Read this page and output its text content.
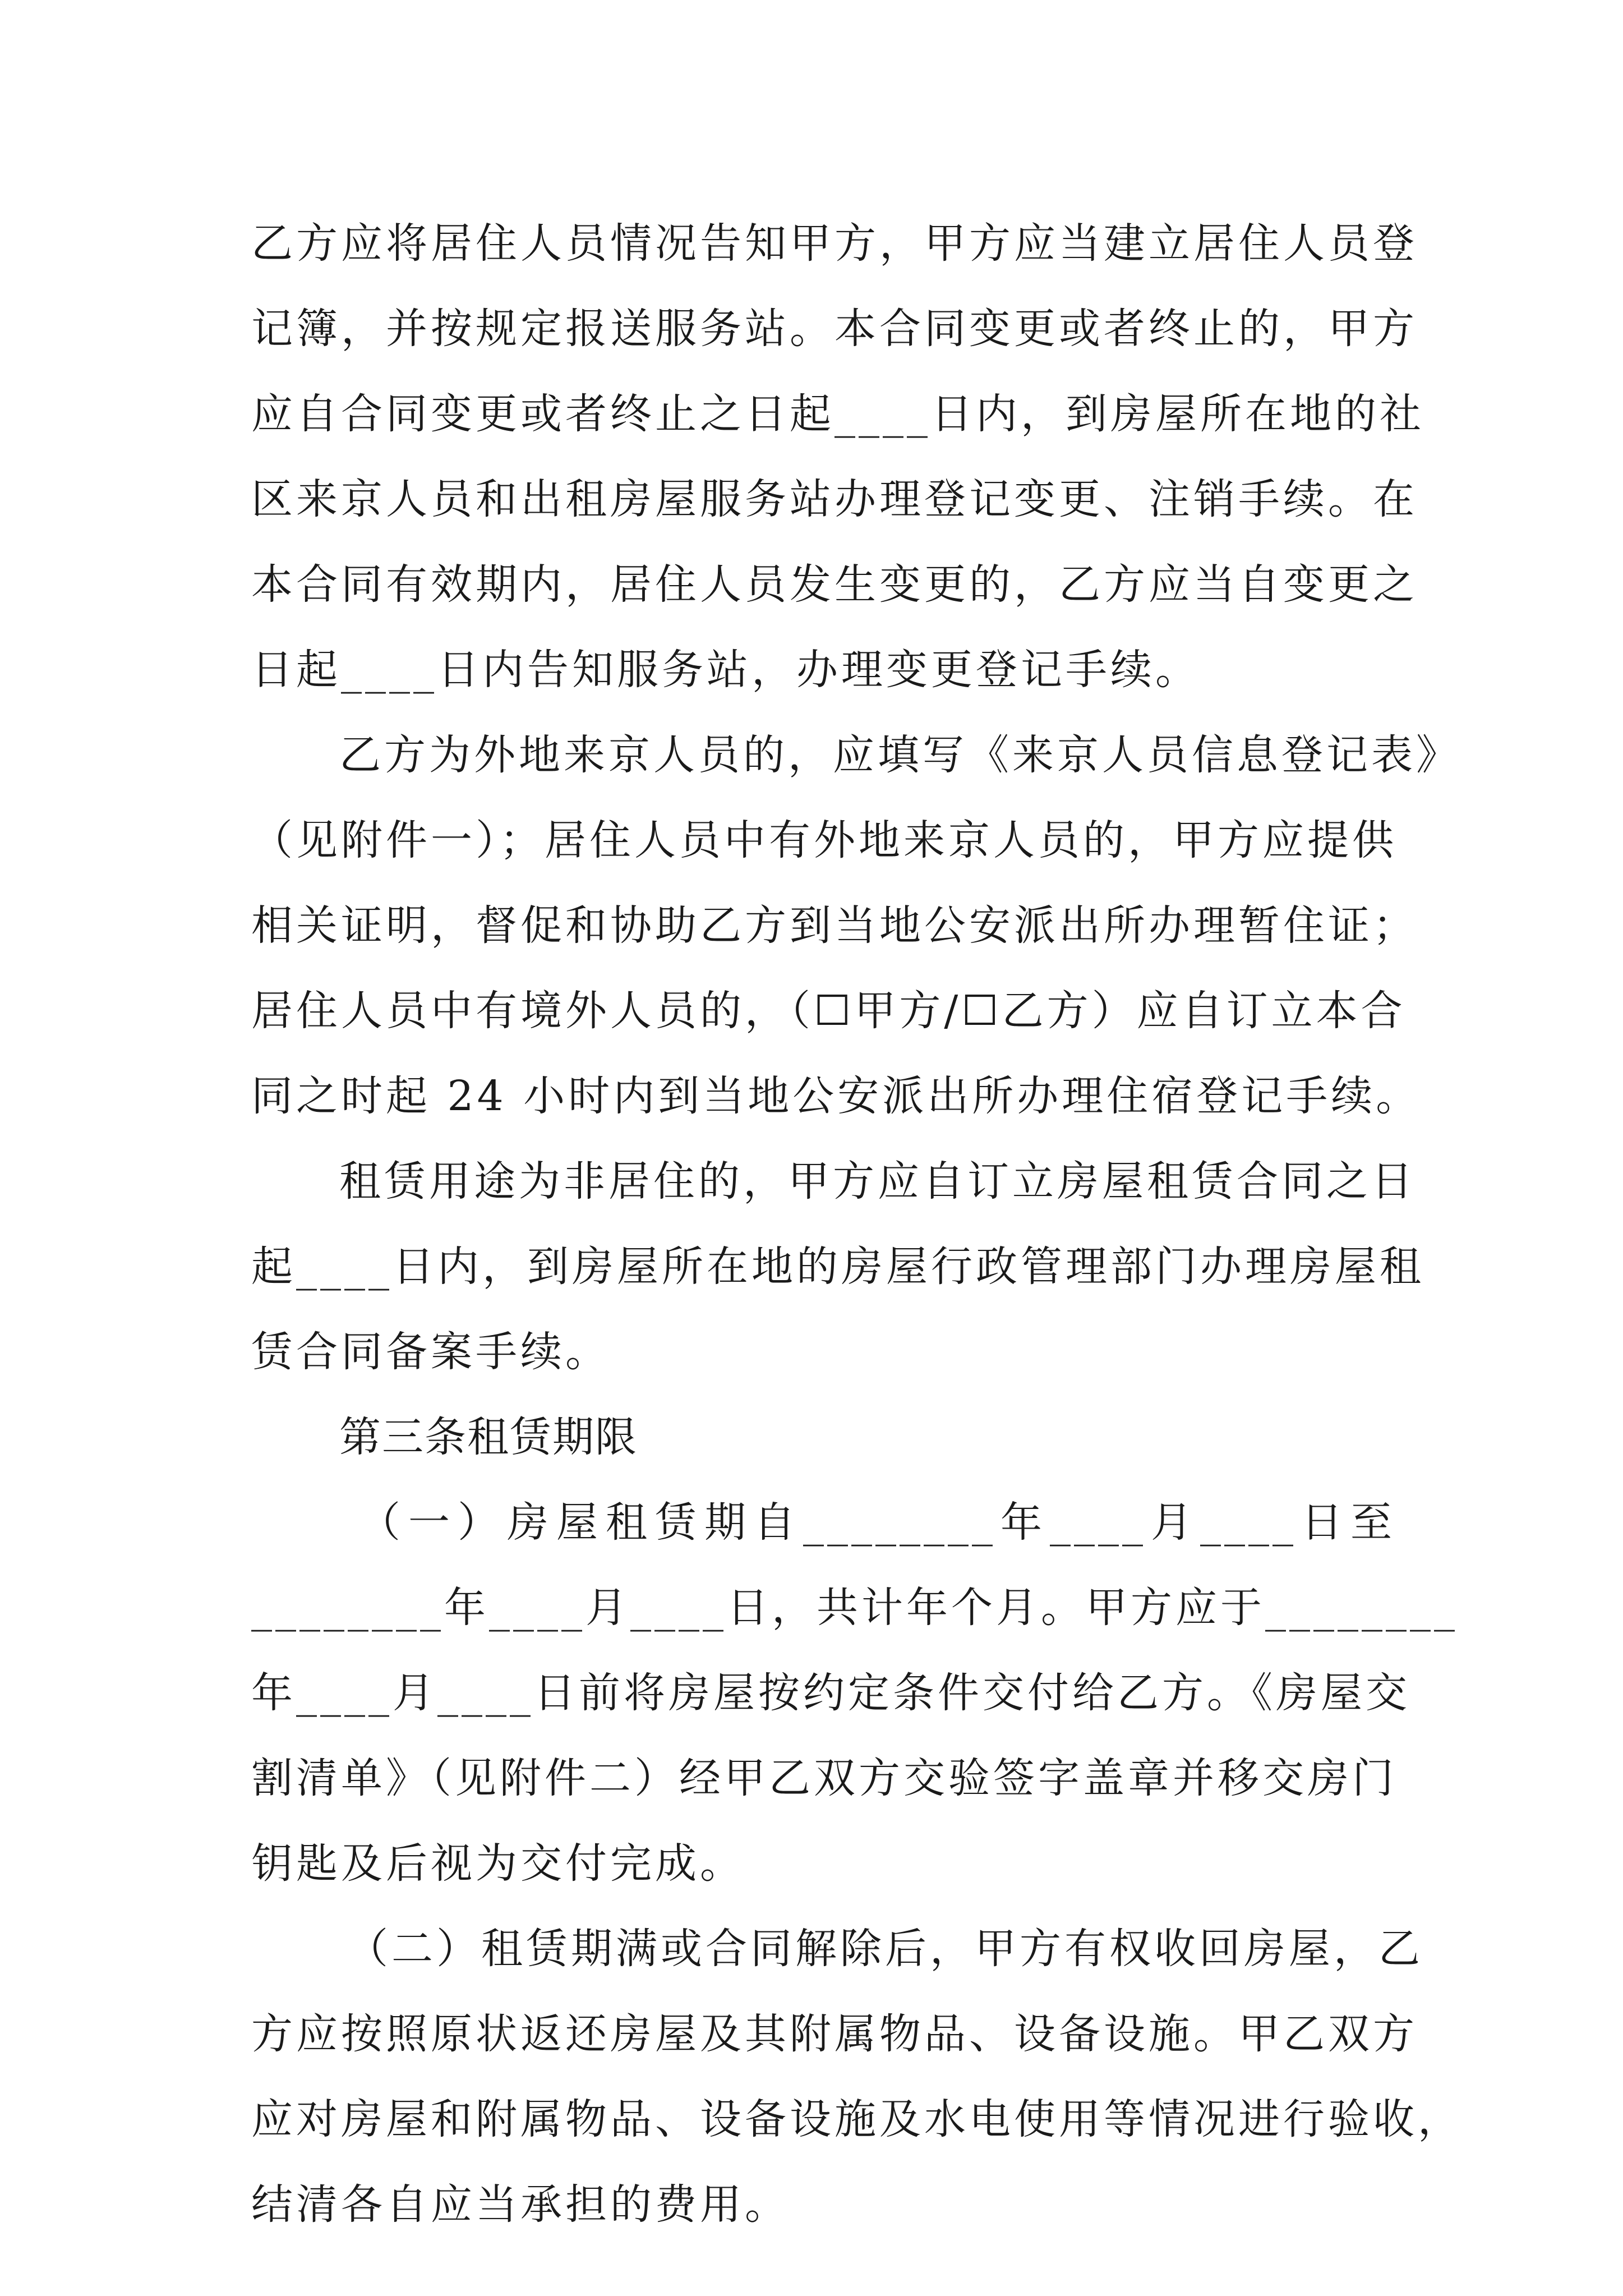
乙方应将居住人员情况告知甲方，甲方应当建立居住人员登
记簿，并按规定报送服务站。本合同变更或者终止的，甲方
应自合同变更或者终止之日起____日内，到房屋所在地的社
区来京人员和出租房屋服务站办理登记变更、注销手续。在
本合同有效期内，居住人员发生变更的，乙方应当自变更之
日起____日内告知服务站，办理变更登记手续。
乙方为外地来京人员的，应填写《来京人员信息登记表》
（见附件一）；居住人员中有外地来京人员的，甲方应提供
相关证明，督促和协助乙方到当地公安派出所办理暂住证；
居住人员中有境外人员的，（☐甲方/☐乙方）应自订立本合
同之时起 24 小时内到当地公安派出所办理住宿登记手续。
租赁用途为非居住的，甲方应自订立房屋租赁合同之日
起____日内，到房屋所在地的房屋行政管理部门办理房屋租
赁合同备案手续。
第三条租赁期限
（一）房屋租赁期自________年____月____日至
________年____月____日，共计年个月。甲方应于________
年____月____日前将房屋按约定条件交付给乙方。《房屋交
割清单》（见附件二）经甲乙双方交验签字盖章并移交房门
钥匙及后视为交付完成。
（二）租赁期满或合同解除后，甲方有权收回房屋，乙
方应按照原状返还房屋及其附属物品、设备设施。甲乙双方
应对房屋和附属物品、设备设施及水电使用等情况进行验收，
结清各自应当承担的费用。
